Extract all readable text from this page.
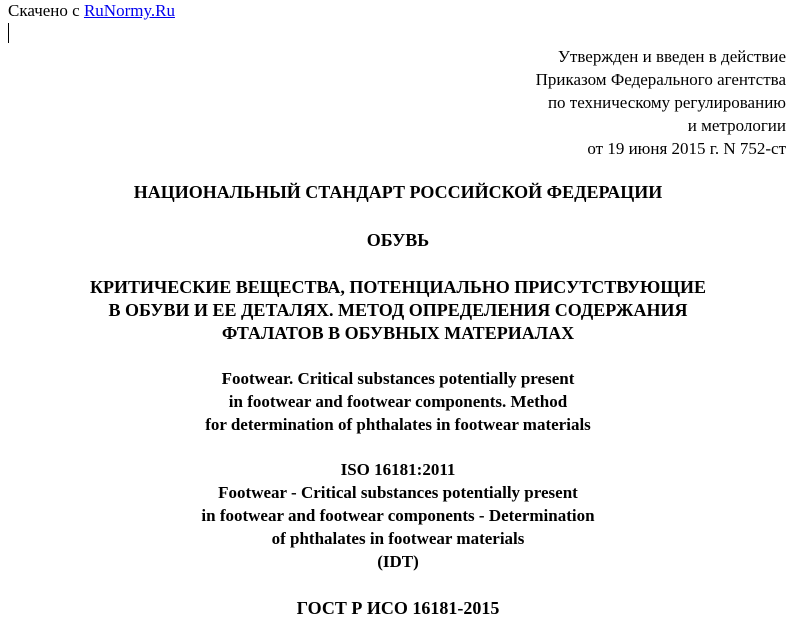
Скачено с RuNormy.Ru
Утвержден и введен в действие
Приказом Федерального агентства
по техническому регулированию
и метрологии
от 19 июня 2015 г. N 752-ст
НАЦИОНАЛЬНЫЙ СТАНДАРТ РОССИЙСКОЙ ФЕДЕРАЦИИ
ОБУВЬ
КРИТИЧЕСКИЕ ВЕЩЕСТВА, ПОТЕНЦИАЛЬНО ПРИСУТСТВУЮЩИЕ
В ОБУВИ И ЕЕ ДЕТАЛЯХ. МЕТОД ОПРЕДЕЛЕНИЯ СОДЕРЖАНИЯ
ФТАЛАТОВ В ОБУВНЫХ МАТЕРИАЛАХ
Footwear. Critical substances potentially present
in footwear and footwear components. Method
for determination of phthalates in footwear materials
ISO 16181:2011
Footwear - Critical substances potentially present
in footwear and footwear components - Determination
of phthalates in footwear materials
(IDT)
ГОСТ Р ИСО 16181-2015
